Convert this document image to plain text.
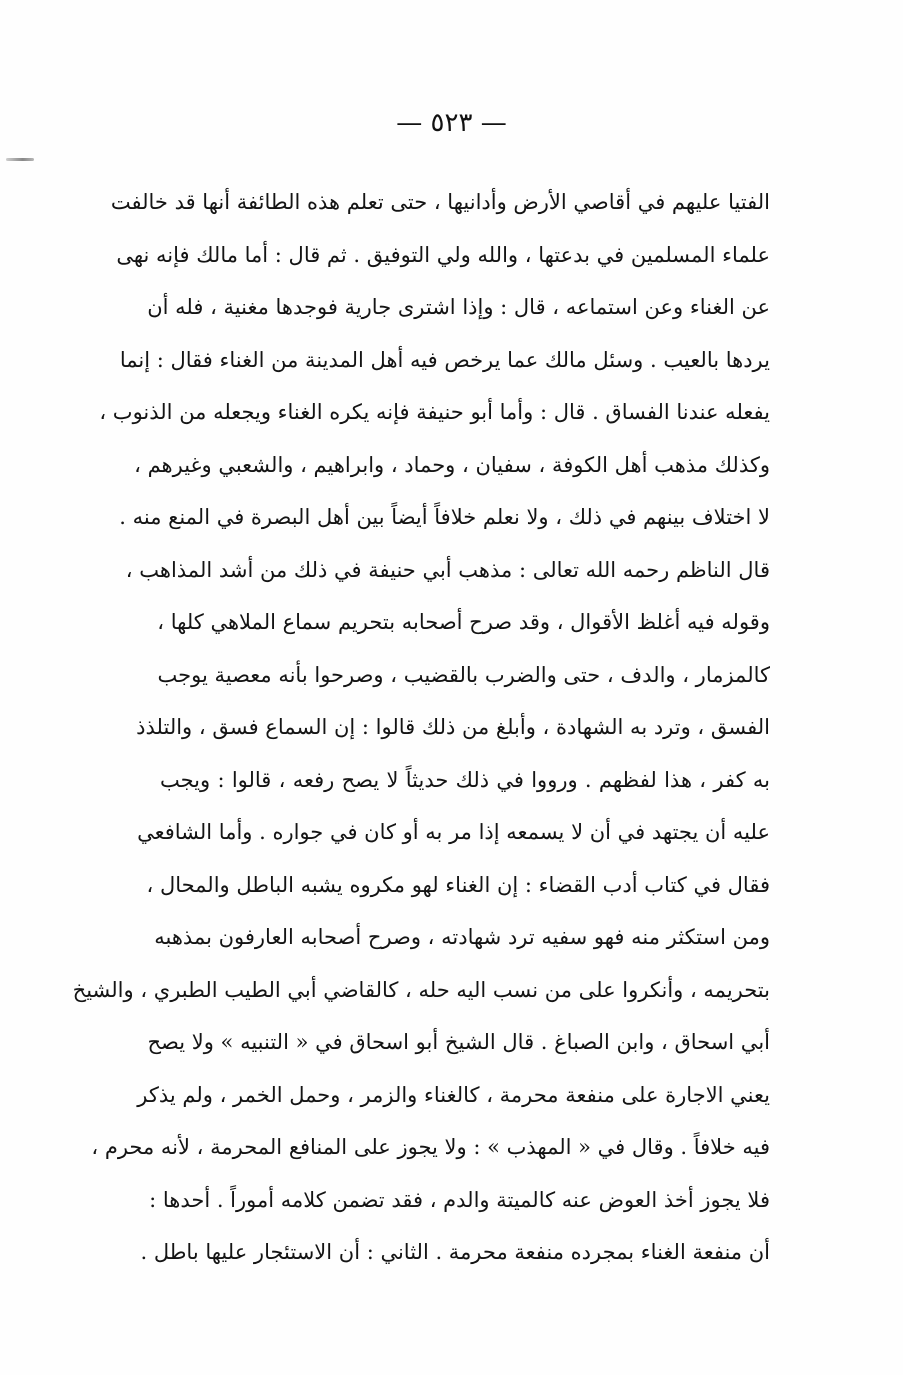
— ٥٢٣ —
الفتيا عليهم في أقاصي الأرض وأدانيها ، حتى تعلم هذه الطائفة أنها قد خالفت
علماء المسلمين في بدعتها ، والله ولي التوفيق . ثم قال : أما مالك فإنه نهى
عن الغناء وعن استماعه ، قال : وإذا اشترى جارية فوجدها مغنية ، فله أن
يردها بالعيب . وسئل مالك عما يرخص فيه أهل المدينة من الغناء فقال : إنما
يفعله عندنا الفساق . قال : وأما أبو حنيفة فإنه يكره الغناء ويجعله من الذنوب ،
وكذلك مذهب أهل الكوفة ، سفيان ، وحماد ، وابراهيم ، والشعبي وغيرهم ،
لا اختلاف بينهم في ذلك ، ولا نعلم خلافاً أيضاً بين أهل البصرة في المنع منه .
قال الناظم رحمه الله تعالى : مذهب أبي حنيفة في ذلك من أشد المذاهب ،
وقوله فيه أغلظ الأقوال ، وقد صرح أصحابه بتحريم سماع الملاهي كلها ،
كالمزمار ، والدف ، حتى والضرب بالقضيب ، وصرحوا بأنه معصية يوجب
الفسق ، وترد به الشهادة ، وأبلغ من ذلك قالوا : إن السماع فسق ، والتلذذ
به كفر ، هذا لفظهم . ورووا في ذلك حديثاً لا يصح رفعه ، قالوا : ويجب
عليه أن يجتهد في أن لا يسمعه إذا مر به أو كان في جواره . وأما الشافعي
فقال في كتاب أدب القضاء : إن الغناء لهو مكروه يشبه الباطل والمحال ،
ومن استكثر منه فهو سفيه ترد شهادته ، وصرح أصحابه العارفون بمذهبه
بتحريمه ، وأنكروا على من نسب اليه حله ، كالقاضي أبي الطيب الطبري ، والشيخ
أبي اسحاق ، وابن الصباغ . قال الشيخ أبو اسحاق في « التنبيه » ولا يصح
يعني الاجارة على منفعة محرمة ، كالغناء والزمر ، وحمل الخمر ، ولم يذكر
فيه خلافاً . وقال في « المهذب » : ولا يجوز على المنافع المحرمة ، لأنه محرم ،
فلا يجوز أخذ العوض عنه كالميتة والدم ، فقد تضمن كلامه أموراً . أحدها :
أن منفعة الغناء بمجرده منفعة محرمة . الثاني : أن الاستئجار عليها باطل .
